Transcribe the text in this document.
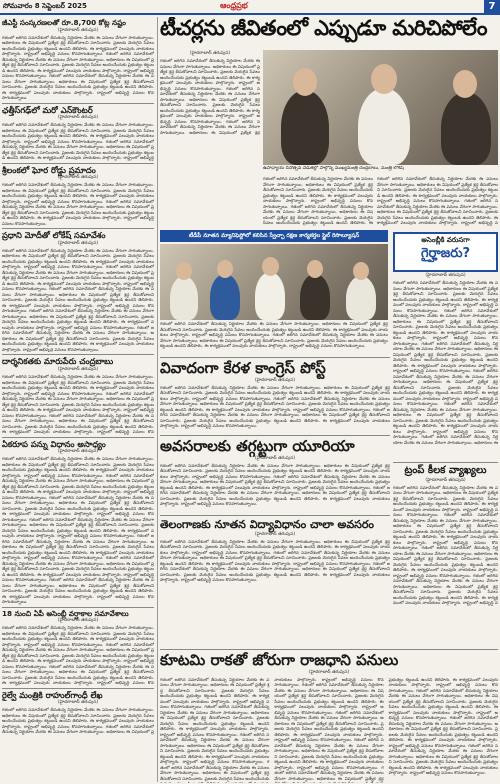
సోమవారం 8 సెప్టెంబర్ 2025	ఆంధ్రప్రభ	7
జీఎస్టీ సంస్కరణలతో రూ.8,700 కోట్ల నష్టం
(హైదరాబాద్ తరుపున)
గతంలో జరిగిన సమావేశంలో తీసుకున్న నిర్ణయాల మేరకు ఈ పనులు వేగంగా సాగుతున్నాయి. అధికారులు ఈ విషయంలో ప్రత్యేక శ్రద్ధ తీసుకోవాలని సూచించారు. ప్రజలకు మెరుగైన సేవలు అందించేందుకు ప్రభుత్వం కట్టుబడి ఉందని తెలిపారు. ఈ కార్యక్రమంలో పలువురు నాయకులు పాల్గొన్నారు. రాష్ట్రంలో అభివృద్ధి పనులు కొనసాగుతున్నాయి. గతంలో జరిగిన సమావేశంలో తీసుకున్న నిర్ణయాల మేరకు ఈ పనులు వేగంగా సాగుతున్నాయి. అధికారులు ఈ విషయంలో ప్రత్యేక శ్రద్ధ తీసుకోవాలని సూచించారు. ప్రజలకు మెరుగైన సేవలు అందించేందుకు ప్రభుత్వం కట్టుబడి ఉందని తెలిపారు. ఈ కార్యక్రమంలో పలువురు నాయకులు పాల్గొన్నారు. రాష్ట్రంలో అభివృద్ధి పనులు కొనసాగుతున్నాయి. గతంలో జరిగిన సమావేశంలో తీసుకున్న నిర్ణయాల మేరకు ఈ పనులు వేగంగా సాగుతున్నాయి. అధికారులు ఈ విషయంలో ప్రత్యేక శ్రద్ధ తీసుకోవాలని సూచించారు. ప్రజలకు మెరుగైన సేవలు అందించేందుకు ప్రభుత్వం కట్టుబడి ఉందని తెలిపారు. ఈ కార్యక్రమంలో పలువురు నాయకులు పాల్గొన్నారు. రాష్ట్రంలో అభివృద్ధి పనులు కొనసాగుతున్నాయి.
ఛత్తీస్‌గఢ్‌లో మరో ఎన్‌కౌంటర్
(హైదరాబాద్ తరుపున)
గతంలో జరిగిన సమావేశంలో తీసుకున్న నిర్ణయాల మేరకు ఈ పనులు వేగంగా సాగుతున్నాయి. అధికారులు ఈ విషయంలో ప్రత్యేక శ్రద్ధ తీసుకోవాలని సూచించారు. ప్రజలకు మెరుగైన సేవలు అందించేందుకు ప్రభుత్వం కట్టుబడి ఉందని తెలిపారు. ఈ కార్యక్రమంలో పలువురు నాయకులు పాల్గొన్నారు. రాష్ట్రంలో అభివృద్ధి పనులు కొనసాగుతున్నాయి. గతంలో జరిగిన సమావేశంలో తీసుకున్న నిర్ణయాల మేరకు ఈ పనులు వేగంగా సాగుతున్నాయి. అధికారులు ఈ విషయంలో ప్రత్యేక శ్రద్ధ తీసుకోవాలని సూచించారు. ప్రజలకు మెరుగైన సేవలు అందించేందుకు ప్రభుత్వం కట్టుబడి ఉందని తెలిపారు. ఈ కార్యక్రమంలో పలువురు నాయకులు పాల్గొన్నారు. రాష్ట్రంలో అభివృద్ధి
శ్రీలంకలో ఘోర రోడ్డు ప్రమాదం
(హైదరాబాద్ తరుపున)
గతంలో జరిగిన సమావేశంలో తీసుకున్న నిర్ణయాల మేరకు ఈ పనులు వేగంగా సాగుతున్నాయి. అధికారులు ఈ విషయంలో ప్రత్యేక శ్రద్ధ తీసుకోవాలని సూచించారు. ప్రజలకు మెరుగైన సేవలు అందించేందుకు ప్రభుత్వం కట్టుబడి ఉందని తెలిపారు. ఈ కార్యక్రమంలో పలువురు నాయకులు పాల్గొన్నారు. రాష్ట్రంలో అభివృద్ధి పనులు కొనసాగుతున్నాయి. గతంలో జరిగిన సమావేశంలో తీసుకున్న నిర్ణయాల మేరకు ఈ పనులు వేగంగా సాగుతున్నాయి. అధికారులు ఈ విషయంలో ప్రత్యేక శ్రద్ధ తీసుకోవాలని సూచించారు. ప్రజలకు మెరుగైన సేవలు అందించేందుకు ప్రభుత్వం కట్టుబడి ఉందని తెలిపారు. ఈ కార్యక్రమంలో పలువురు నాయకులు పాల్గొన్నారు. రాష్ట్రంలో అభివృద్ధి పనులు కొనసాగుతున్నాయి.
ప్రధాని మోదీతో లోకేష్ సమావేశం
(హైదరాబాద్ తరుపున)
గతంలో జరిగిన సమావేశంలో తీసుకున్న నిర్ణయాల మేరకు ఈ పనులు వేగంగా సాగుతున్నాయి. అధికారులు ఈ విషయంలో ప్రత్యేక శ్రద్ధ తీసుకోవాలని సూచించారు. ప్రజలకు మెరుగైన సేవలు అందించేందుకు ప్రభుత్వం కట్టుబడి ఉందని తెలిపారు. ఈ కార్యక్రమంలో పలువురు నాయకులు పాల్గొన్నారు. రాష్ట్రంలో అభివృద్ధి పనులు కొనసాగుతున్నాయి. గతంలో జరిగిన సమావేశంలో తీసుకున్న నిర్ణయాల మేరకు ఈ పనులు వేగంగా సాగుతున్నాయి. అధికారులు ఈ విషయంలో ప్రత్యేక శ్రద్ధ తీసుకోవాలని సూచించారు. ప్రజలకు మెరుగైన సేవలు అందించేందుకు ప్రభుత్వం కట్టుబడి ఉందని తెలిపారు. ఈ కార్యక్రమంలో పలువురు నాయకులు పాల్గొన్నారు. రాష్ట్రంలో అభివృద్ధి పనులు కొనసాగుతున్నాయి. గతంలో జరిగిన సమావేశంలో తీసుకున్న నిర్ణయాల మేరకు ఈ పనులు వేగంగా సాగుతున్నాయి. అధికారులు ఈ విషయంలో ప్రత్యేక శ్రద్ధ తీసుకోవాలని సూచించారు. ప్రజలకు మెరుగైన సేవలు అందించేందుకు ప్రభుత్వం కట్టుబడి ఉందని తెలిపారు. ఈ కార్యక్రమంలో పలువురు నాయకులు పాల్గొన్నారు. రాష్ట్రంలో అభివృద్ధి పనులు కొనసాగుతున్నాయి. గతంలో జరిగిన సమావేశంలో తీసుకున్న నిర్ణయాల మేరకు ఈ పనులు వేగంగా సాగుతున్నాయి. అధికారులు ఈ విషయంలో ప్రత్యేక శ్రద్ధ తీసుకోవాలని సూచించారు. ప్రజలకు మెరుగైన సేవలు అందించేందుకు ప్రభుత్వం కట్టుబడి ఉందని తెలిపారు. ఈ కార్యక్రమంలో పలువురు నాయకులు పాల్గొన్నారు. రాష్ట్రంలో అభివృద్ధి పనులు కొనసాగుతున్నాయి. గతంలో జరిగిన సమావేశంలో తీసుకున్న నిర్ణయాల మేరకు ఈ పనులు వేగంగా సాగుతున్నాయి. అధికారులు ఈ విషయంలో ప్రత్యేక శ్రద్ధ తీసుకోవాలని సూచించారు. ప్రజలకు మెరుగైన సేవలు అందించేందుకు ప్రభుత్వం కట్టుబడి ఉందని తెలిపారు. ఈ కార్యక్రమంలో పలువురు నాయకులు పాల్గొన్నారు. రాష్ట్రంలో అభివృద్ధి పనులు కొనసాగుతున్నాయి.
దార్శనికతకు మారుపేరు చంద్రబాబు
(హైదరాబాద్ తరుపున)
గతంలో జరిగిన సమావేశంలో తీసుకున్న నిర్ణయాల మేరకు ఈ పనులు వేగంగా సాగుతున్నాయి. అధికారులు ఈ విషయంలో ప్రత్యేక శ్రద్ధ తీసుకోవాలని సూచించారు. ప్రజలకు మెరుగైన సేవలు అందించేందుకు ప్రభుత్వం కట్టుబడి ఉందని తెలిపారు. ఈ కార్యక్రమంలో పలువురు నాయకులు పాల్గొన్నారు. రాష్ట్రంలో అభివృద్ధి పనులు కొనసాగుతున్నాయి. గతంలో జరిగిన సమావేశంలో తీసుకున్న నిర్ణయాల మేరకు ఈ పనులు వేగంగా సాగుతున్నాయి. అధికారులు ఈ విషయంలో ప్రత్యేక శ్రద్ధ తీసుకోవాలని సూచించారు. ప్రజలకు మెరుగైన సేవలు అందించేందుకు ప్రభుత్వం కట్టుబడి ఉందని తెలిపారు. ఈ కార్యక్రమంలో పలువురు నాయకులు పాల్గొన్నారు. రాష్ట్రంలో అభివృద్ధి పనులు కొనసాగుతున్నాయి. గతంలో జరిగిన సమావేశంలో తీసుకున్న నిర్ణయాల మేరకు ఈ పనులు వేగంగా సాగుతున్నాయి. అధికారులు ఈ విషయంలో ప్రత్యేక శ్రద్ధ తీసుకోవాలని సూచించారు. ప్రజలకు మెరుగైన సేవలు అందించేందుకు ప్రభుత్వం కట్టుబడి ఉందని తెలిపారు. ఈ కార్యక్రమంలో పలువురు నాయకులు పాల్గొన్నారు. రాష్ట్రంలో అభివృద్ధి పనులు కొన
ఏకరూప పన్ను విధానం అసాధ్యం
(హైదరాబాద్ తరుపున)
గతంలో జరిగిన సమావేశంలో తీసుకున్న నిర్ణయాల మేరకు ఈ పనులు వేగంగా సాగుతున్నాయి. అధికారులు ఈ విషయంలో ప్రత్యేక శ్రద్ధ తీసుకోవాలని సూచించారు. ప్రజలకు మెరుగైన సేవలు అందించేందుకు ప్రభుత్వం కట్టుబడి ఉందని తెలిపారు. ఈ కార్యక్రమంలో పలువురు నాయకులు పాల్గొన్నారు. రాష్ట్రంలో అభివృద్ధి పనులు కొనసాగుతున్నాయి. గతంలో జరిగిన సమావేశంలో తీసుకున్న నిర్ణయాల మేరకు ఈ పనులు వేగంగా సాగుతున్నాయి. అధికారులు ఈ విషయంలో ప్రత్యేక శ్రద్ధ తీసుకోవాలని సూచించారు. ప్రజలకు మెరుగైన సేవలు అందించేందుకు ప్రభుత్వం కట్టుబడి ఉందని తెలిపారు. ఈ కార్యక్రమంలో పలువురు నాయకులు పాల్గొన్నారు. రాష్ట్రంలో అభివృద్ధి పనులు కొనసాగుతున్నాయి. గతంలో జరిగిన సమావేశంలో తీసుకున్న నిర్ణయాల మేరకు ఈ పనులు వేగంగా సాగుతున్నాయి. అధికారులు ఈ విషయంలో ప్రత్యేక శ్రద్ధ తీసుకోవాలని సూచించారు. ప్రజలకు మెరుగైన సేవలు అందించేందుకు ప్రభుత్వం కట్టుబడి ఉందని తెలిపారు. ఈ కార్యక్రమంలో పలువురు నాయకులు పాల్గొన్నారు. రాష్ట్రంలో అభివృద్ధి పనులు కొనసాగుతున్నాయి. గతంలో జరిగిన సమావేశంలో తీసుకున్న నిర్ణయాల మేరకు ఈ పనులు వేగంగా సాగుతున్నాయి. అధికారులు ఈ విషయంలో ప్రత్యేక శ్రద్ధ తీసుకోవాలని సూచించారు. ప్రజలకు మెరుగైన సేవలు అందించేందుకు ప్రభుత్వం కట్టుబడి ఉందని తెలిపారు. ఈ కార్యక్రమంలో పలువురు నాయకులు పాల్గొన్నారు. రాష్ట్రంలో అభివృద్ధి పనులు కొనసాగుతున్నాయి. గతంలో జరిగిన సమావేశంలో తీసుకున్న నిర్ణయాల మేరకు ఈ పనులు వేగంగా సాగుతున్నాయి. అధికారులు ఈ విషయంలో ప్రత్యేక శ్రద్ధ తీసుకోవాలని సూచించారు. ప్రజలకు మెరుగైన సేవలు అందించేందుకు ప్రభుత్వం కట్టుబడి ఉందని తెలిపారు. ఈ కార్యక్రమంలో పలువురు నాయకులు పాల్గొన్నారు. రాష్ట్రంలో అభివృద్ధి పనులు కొనసాగుతున్నాయి. గతంలో జరిగిన సమావేశంలో తీసుకున్న నిర్ణయాల మేరకు ఈ పనులు వేగంగా సాగుతున్నాయి. అధికారులు ఈ విషయంలో ప్రత్యేక శ్రద్ధ తీసుకోవాలని సూచించారు. ప్రజలకు మెరుగైన సేవలు అందించేందుకు ప్రభుత్వం కట్టుబడి ఉందని తెలిపారు. ఈ కార్యక్రమంలో పలువురు నాయకులు పాల్గొన్నారు. రాష్ట్రంలో అభివృద్ధి పనులు కొనసాగుతున్నాయి. గతంలో జరిగిన సమావేశంలో తీసుకున్న నిర్ణయాల మేరకు ఈ పనులు వేగంగా సాగుతున్నాయి. అధికారులు ఈ విషయంలో ప్రత్యేక శ్రద్ధ తీసుకోవాలని సూచించారు. ప్రజలకు మెరుగైన సేవలు అందించేందుకు ప్రభుత్వం కట్టుబడి ఉందని తెలిపారు. ఈ కార్యక్రమంలో పలువురు నాయకులు పాల్గొన్నారు. రాష్ట్రంలో అభివృద్ధి పనులు కొనసాగుతున్నాయి.
18 నుంచి ఏపీ అసెంబ్లీ వర్షాకాల సమావేశాలు
(హైదరాబాద్ తరుపున)
గతంలో జరిగిన సమావేశంలో తీసుకున్న నిర్ణయాల మేరకు ఈ పనులు వేగంగా సాగుతున్నాయి. అధికారులు ఈ విషయంలో ప్రత్యేక శ్రద్ధ తీసుకోవాలని సూచించారు. ప్రజలకు మెరుగైన సేవలు అందించేందుకు ప్రభుత్వం కట్టుబడి ఉందని తెలిపారు. ఈ కార్యక్రమంలో పలువురు నాయకులు పాల్గొన్నారు. రాష్ట్రంలో అభివృద్ధి పనులు కొనసాగుతున్నాయి. గతంలో జరిగిన సమావేశంలో తీసుకున్న నిర్ణయాల మేరకు ఈ పనులు వేగంగా సాగుతున్నాయి. అధికారులు ఈ విషయంలో ప్రత్యేక శ్రద్ధ తీసుకోవాలని సూచించారు. ప్రజలకు మెరుగైన సేవలు అందించేందుకు ప్రభుత్వం కట్టుబడి ఉందని తెలిపారు. ఈ కార్యక్రమంలో పలువురు నాయకులు పాల్గొన్నారు. రాష్ట్రంలో అభివృద్ధి పనులు కొనసాగుతున్నాయి. గతంలో జరిగిన సమావేశంలో తీసుకున్న నిర్ణయాల మేరకు ఈ పనులు వేగంగా సాగుతున్నాయి. అధికారులు ఈ విషయంలో ప్రత్యేక శ్రద్ధ తీసుకోవాలని సూచించారు. ప్రజలకు మెరుగైన సేవలు అందించేందుకు ప్రభుత్వం కట్టుబడి ఉందని తెలిపారు. ఈ కార్యక్రమంలో పలువురు నాయకులు పాల్గొన్నారు. రాష్ట్రంలో అభివృద్ధి పనులు కొన
రైల్వే మంత్రికి రాహుల్‌గాంధీ లేఖ
(హైదరాబాద్ తరుపున)
గతంలో జరిగిన సమావేశంలో తీసుకున్న నిర్ణయాల మేరకు ఈ పనులు వేగంగా సాగుతున్నాయి. అధికారులు ఈ విషయంలో ప్రత్యేక శ్రద్ధ తీసుకోవాలని సూచించారు. ప్రజలకు మెరుగైన సేవలు అందించేందుకు ప్రభుత్వం కట్టుబడి ఉందని తెలిపారు. ఈ కార్యక్రమంలో పలువురు నాయకులు పాల్గొన్నారు. రాష్ట్రంలో అభివృద్ధి పనులు కొనసాగుతున్నాయి. గతంలో జరిగిన సమావేశంలో తీసుకున్న నిర్ణయాల మేరకు ఈ పనులు వేగంగా సాగుతున్నాయి. అధికారులు ఈ విషయంలో ప్ర
టీచర్లను జీవితంలో ఎప్పుడూ మరిచిపోలేం
(హైదరాబాద్ తరుపున)
గతంలో జరిగిన సమావేశంలో తీసుకున్న నిర్ణయాల మేరకు ఈ పనులు వేగంగా సాగుతున్నాయి. అధికారులు ఈ విషయంలో ప్రత్యేక శ్రద్ధ తీసుకోవాలని సూచించారు. ప్రజలకు మెరుగైన సేవలు అందించేందుకు ప్రభుత్వం కట్టుబడి ఉందని తెలిపారు. ఈ కార్యక్రమంలో పలువురు నాయకులు పాల్గొన్నారు. రాష్ట్రంలో అభివృద్ధి పనులు కొనసాగుతున్నాయి. గతంలో జరిగిన సమావేశంలో తీసుకున్న నిర్ణయాల మేరకు ఈ పనులు వేగంగా సాగుతున్నాయి. అధికారులు ఈ విషయంలో ప్రత్యేక శ్రద్ధ తీసుకోవాలని సూచించారు. ప్రజలకు మెరుగైన సేవలు అందించేందుకు ప్రభుత్వం కట్టుబడి ఉందని తెలిపారు. ఈ కార్యక్రమంలో పలువురు నాయకులు పాల్గొన్నారు. రాష్ట్రంలో అభివృద్ధి పనులు కొనసాగుతున్నాయి. గతంలో జరిగిన సమావేశంలో తీసుకున్న నిర్ణయాల మేరకు ఈ పనులు వేగంగా సాగుతున్నాయి. అధికారులు ఈ విషయంలో ప్రత్యేక శ్రద్ధ
ఉపాధ్యాయ దినోత్సవ వేడుకల్లో పాల్గొన్న ముఖ్యమంత్రి చంద్రబాబు, మంత్రి లోకేష్
గతంలో జరిగిన సమావేశంలో తీసుకున్న నిర్ణయాల మేరకు ఈ పనులు వేగంగా సాగుతున్నాయి. అధికారులు ఈ విషయంలో ప్రత్యేక శ్రద్ధ తీసుకోవాలని సూచించారు. ప్రజలకు మెరుగైన సేవలు అందించేందుకు ప్రభుత్వం కట్టుబడి ఉందని తెలిపారు. ఈ కార్యక్రమంలో పలువురు నాయకులు పాల్గొన్నారు. రాష్ట్రంలో అభివృద్ధి పనులు కొనసాగుతున్నాయి. గతంలో జరిగిన సమావేశంలో తీసుకున్న నిర్ణయాల మేరకు ఈ పనులు వేగంగా సాగుతున్నాయి. అధికారులు ఈ విషయంలో ప్రత్యేక శ్రద్ధ తీసుకోవాలని సూచించారు. ప్రజలకు మెరుగైన సేవలు అందించేందుకు ప్రభుత్వం కట్టుబడి ఉందని తెలిపారు. ఈ
గతంలో జరిగిన సమావేశంలో తీసుకున్న నిర్ణయాల మేరకు ఈ పనులు వేగంగా సాగుతున్నాయి. అధికారులు ఈ విషయంలో ప్రత్యేక శ్రద్ధ తీసుకోవాలని సూచించారు. ప్రజలకు మెరుగైన సేవలు అందించేందుకు ప్రభుత్వం కట్టుబడి ఉందని తెలిపారు. ఈ కార్యక్రమంలో పలువురు నాయకులు పాల్గొన్నారు. రాష్ట్రంలో అభివృద్ధి పనులు కొనసాగుతున్నాయి. గతంలో జరిగిన సమావేశంలో తీసుకున్న నిర్ణయాల మేరకు ఈ పనులు వేగంగా సాగుతున్నాయి. అధికారులు ఈ విషయంలో ప్రత్యేక శ్రద్ధ తీసుకోవాలని సూచించారు. ప్రజలకు మెరుగైన సేవలు అందించేందుకు ప్రభుత్వం కట్టుబడి ఉందని తెలిపారు. ఈ కార్యక్రమంలో పలువురు నాయకులు పాల్గొన్నారు. రాష్ట్రంలో అభివృద్ధి ప
టీడీపీ నూతన మ్యానిఫెస్టోలో కలిసిన స్వేచ్ఛా రక్షణ కార్యకర్తల స్టైల్ రెసొల్యూషన్
గతంలో జరిగిన సమావేశంలో తీసుకున్న నిర్ణయాల మేరకు ఈ పనులు వేగంగా సాగుతున్నాయి. అధికారులు ఈ విషయంలో ప్రత్యేక శ్రద్ధ తీసుకోవాలని సూచించారు. ప్రజలకు మెరుగైన సేవలు అందించేందుకు ప్రభుత్వం కట్టుబడి ఉందని తెలిపారు. ఈ కార్యక్రమంలో పలువురు నాయకులు పాల్గొన్నారు. రాష్ట్రంలో అభివృద్ధి పనులు కొనసాగుతున్నాయి. గతంలో జరిగిన సమావేశంలో తీసుకున్న నిర్ణయాల మేరకు ఈ పనులు వేగంగా సాగుతున్నాయి. అధికారులు ఈ విషయంలో ప్రత్యేక శ్రద్ధ తీసుకోవాలని సూచించారు. ప్రజలకు మెరుగైన సేవలు అందించేందుకు ప్రభుత్వం కట్టుబడి ఉందని తెలిపారు. ఈ కార్యక్రమంలో పలువురు నాయకులు పాల్గొన్నారు. రాష్ట్రంలో అభివృద్ధి పనులు కొనసాగుతున్నాయి.
అసెంబ్లీకి వరుసగా
గైర్హాజరు?
(హైదరాబాద్ తరుపున)
గతంలో జరిగిన సమావేశంలో తీసుకున్న నిర్ణయాల మేరకు ఈ పనులు వేగంగా సాగుతున్నాయి. అధికారులు ఈ విషయంలో ప్రత్యేక శ్రద్ధ తీసుకోవాలని సూచించారు. ప్రజలకు మెరుగైన సేవలు అందించేందుకు ప్రభుత్వం కట్టుబడి ఉందని తెలిపారు. ఈ కార్యక్రమంలో పలువురు నాయకులు పాల్గొన్నారు. రాష్ట్రంలో అభివృద్ధి పనులు కొనసాగుతున్నాయి. గతంలో జరిగిన సమావేశంలో తీసుకున్న నిర్ణయాల మేరకు ఈ పనులు వేగంగా సాగుతున్నాయి. అధికారులు ఈ విషయంలో ప్రత్యేక శ్రద్ధ తీసుకోవాలని సూచించారు. ప్రజలకు మెరుగైన సేవలు అందించేందుకు ప్రభుత్వం కట్టుబడి ఉందని తెలిపారు. ఈ కార్యక్రమంలో పలువురు నాయకులు పాల్గొన్నారు. రాష్ట్రంలో అభివృద్ధి పనులు కొనసాగుతున్నాయి. గతంలో జరిగిన సమావేశంలో తీసుకున్న నిర్ణయాల మేరకు ఈ పనులు వేగంగా సాగుతున్నాయి. అధికారులు ఈ విషయంలో ప్రత్యేక శ్రద్ధ తీసుకోవాలని సూచించారు. ప్రజలకు మెరుగైన సేవలు అందించేందుకు ప్రభుత్వం కట్టుబడి ఉందని తెలిపారు. ఈ కార్యక్రమంలో పలువురు నాయకులు పాల్గొన్నారు. రాష్ట్రంలో అభివృద్ధి పనులు కొనసాగుతున్నాయి. గతంలో జరిగిన సమావేశంలో తీసుకున్న నిర్ణయాల మేరకు ఈ పనులు వేగంగా సాగుతున్నాయి. అధికారులు ఈ విషయంలో ప్రత్యేక శ్రద్ధ తీసుకోవాలని సూచించారు. ప్రజలకు మెరుగైన సేవలు అందించేందుకు ప్రభుత్వం కట్టుబడి ఉందని తెలిపారు. ఈ కార్యక్రమంలో పలువురు నాయకులు పాల్గొన్నారు. రాష్ట్రంలో అభివృద్ధి పనులు కొనసాగుతున్నాయి. గతంలో జరిగిన సమావేశంలో తీసుకున్న నిర్ణయాల మేరకు ఈ పనులు వేగంగా సాగుతున్నాయి. అధికారులు ఈ విషయంలో ప్రత్యేక శ్రద్ధ తీసుకోవాలని సూచించారు. ప్రజలకు మెరుగైన సేవలు అందించేందుకు ప్రభుత్వం కట్టుబడి ఉందని తెలిపారు. ఈ కార్యక్రమంలో పలువురు నాయకులు పాల్గొన్నారు. రాష్ట్రంలో అభివృద్ధి పనులు కొనసాగుతున్నాయి. గతంలో జరిగిన సమావేశంలో తీసుకున్న నిర్ణయాల మేరకు ఈ పనులు వేగంగా సాగుతున్నాయి. అధికారులు ఈ
వివాదంగా కేరళ కాంగ్రెస్ పోస్ట్
(హైదరాబాద్ తరుపున)
గతంలో జరిగిన సమావేశంలో తీసుకున్న నిర్ణయాల మేరకు ఈ పనులు వేగంగా సాగుతున్నాయి. అధికారులు ఈ విషయంలో ప్రత్యేక శ్రద్ధ తీసుకోవాలని సూచించారు. ప్రజలకు మెరుగైన సేవలు అందించేందుకు ప్రభుత్వం కట్టుబడి ఉందని తెలిపారు. ఈ కార్యక్రమంలో పలువురు నాయకులు పాల్గొన్నారు. రాష్ట్రంలో అభివృద్ధి పనులు కొనసాగుతున్నాయి. గతంలో జరిగిన సమావేశంలో తీసుకున్న నిర్ణయాల మేరకు ఈ పనులు వేగంగా సాగుతున్నాయి. అధికారులు ఈ విషయంలో ప్రత్యేక శ్రద్ధ తీసుకోవాలని సూచించారు. ప్రజలకు మెరుగైన సేవలు అందించేందుకు ప్రభుత్వం కట్టుబడి ఉందని తెలిపారు. ఈ కార్యక్రమంలో పలువురు నాయకులు పాల్గొన్నారు. రాష్ట్రంలో అభివృద్ధి పనులు కొనసాగుతున్నాయి. గతంలో జరిగిన సమావేశంలో తీసుకున్న నిర్ణయాల మేరకు ఈ పనులు వేగంగా సాగుతున్నాయి. అధికారులు ఈ విషయంలో ప్రత్యేక శ్రద్ధ తీసుకోవాలని సూచించారు. ప్రజలకు మెరుగైన సేవలు అందించేందుకు ప్రభుత్వం కట్టుబడి ఉందని తెలిపారు. ఈ కార్యక్రమంలో పలువురు నాయకులు పాల్గొన్నారు. రాష్ట్రంలో అభివృద్ధి పనులు కొనసాగుతున్నాయి.
అవసరాలకు తగ్గట్టుగా యూరియా
(హైదరాబాద్ తరుపున)
గతంలో జరిగిన సమావేశంలో తీసుకున్న నిర్ణయాల మేరకు ఈ పనులు వేగంగా సాగుతున్నాయి. అధికారులు ఈ విషయంలో ప్రత్యేక శ్రద్ధ తీసుకోవాలని సూచించారు. ప్రజలకు మెరుగైన సేవలు అందించేందుకు ప్రభుత్వం కట్టుబడి ఉందని తెలిపారు. ఈ కార్యక్రమంలో పలువురు నాయకులు పాల్గొన్నారు. రాష్ట్రంలో అభివృద్ధి పనులు కొనసాగుతున్నాయి. గతంలో జరిగిన సమావేశంలో తీసుకున్న నిర్ణయాల మేరకు ఈ పనులు వేగంగా సాగుతున్నాయి. అధికారులు ఈ విషయంలో ప్రత్యేక శ్రద్ధ తీసుకోవాలని సూచించారు. ప్రజలకు మెరుగైన సేవలు అందించేందుకు ప్రభుత్వం కట్టుబడి ఉందని తెలిపారు. ఈ కార్యక్రమంలో పలువురు నాయకులు పాల్గొన్నారు. రాష్ట్రంలో అభివృద్ధి పనులు కొనసాగుతున్నాయి. గతంలో జరిగిన సమావేశంలో తీసుకున్న నిర్ణయాల మేరకు ఈ పనులు వేగంగా సాగుతున్నాయి. అధికారులు ఈ విషయంలో ప్రత్యేక శ్రద్ధ తీసుకోవాలని సూచించారు. ప్రజలకు మెరుగైన సేవలు అందించేందుకు ప్రభుత్వం కట్టుబడి ఉందని తెలిపారు. ఈ కార్యక్రమంలో పలువురు నాయకులు పాల్గొన్నారు. రాష్ట్రంలో అభివృద్ధి పనులు కొనసాగుతున్నాయి.
ట్రంప్ కీలక వ్యాఖ్యలు
(హైదరాబాద్ తరుపున)
గతంలో జరిగిన సమావేశంలో తీసుకున్న నిర్ణయాల మేరకు ఈ పనులు వేగంగా సాగుతున్నాయి. అధికారులు ఈ విషయంలో ప్రత్యేక శ్రద్ధ తీసుకోవాలని సూచించారు. ప్రజలకు మెరుగైన సేవలు అందించేందుకు ప్రభుత్వం కట్టుబడి ఉందని తెలిపారు. ఈ కార్యక్రమంలో పలువురు నాయకులు పాల్గొన్నారు. రాష్ట్రంలో అభివృద్ధి పనులు కొనసాగుతున్నాయి. గతంలో జరిగిన సమావేశంలో తీసుకున్న నిర్ణయాల మేరకు ఈ పనులు వేగంగా సాగుతున్నాయి. అధికారులు ఈ విషయంలో ప్రత్యేక శ్రద్ధ తీసుకోవాలని సూచించారు. ప్రజలకు మెరుగైన సేవలు అందించేందుకు ప్రభుత్వం కట్టుబడి ఉందని తెలిపారు. ఈ కార్యక్రమంలో పలువురు నాయకులు పాల్గొన్నారు. రాష్ట్రంలో అభివృద్ధి పనులు కొనసాగుతున్నాయి. గతంలో జరిగిన సమావేశంలో తీసుకున్న నిర్ణయాల మేరకు ఈ పనులు వేగంగా సాగుతున్నాయి. అధికారులు ఈ విషయంలో ప్రత్యేక శ్రద్ధ తీసుకోవాలని సూచించారు. ప్రజలకు మెరుగైన సేవలు అందించేందుకు ప్రభుత్వం కట్టుబడి ఉందని తెలిపారు. ఈ కార్యక్రమంలో పలువురు నాయకులు పాల్గొన్నారు. రాష్ట్రంలో అభివృద్ధి పనులు కొనసాగుతున్నాయి. గతంలో జరిగిన సమావేశంలో తీసుకున్న నిర్ణయాల మేరకు ఈ పనులు వేగంగా సాగుతున్నాయి. అధికారులు ఈ విషయంలో ప్రత్యేక శ్రద్ధ తీసుకోవాలని సూచించారు. ప్రజలకు మెరుగైన సేవలు అందించేందుకు ప్రభుత్వం కట్టుబడి ఉందని తెలిపారు. ఈ కార్యక్రమంలో పలువురు నాయకులు పాల్గొన్నారు. రాష్ట్రంలో అభివృద్ధి ప
తెలంగాణకు నూతన విద్యావిధానం చాలా అవసరం
(హైదరాబాద్ తరుపున)
గతంలో జరిగిన సమావేశంలో తీసుకున్న నిర్ణయాల మేరకు ఈ పనులు వేగంగా సాగుతున్నాయి. అధికారులు ఈ విషయంలో ప్రత్యేక శ్రద్ధ తీసుకోవాలని సూచించారు. ప్రజలకు మెరుగైన సేవలు అందించేందుకు ప్రభుత్వం కట్టుబడి ఉందని తెలిపారు. ఈ కార్యక్రమంలో పలువురు నాయకులు పాల్గొన్నారు. రాష్ట్రంలో అభివృద్ధి పనులు కొనసాగుతున్నాయి. గతంలో జరిగిన సమావేశంలో తీసుకున్న నిర్ణయాల మేరకు ఈ పనులు వేగంగా సాగుతున్నాయి. అధికారులు ఈ విషయంలో ప్రత్యేక శ్రద్ధ తీసుకోవాలని సూచించారు. ప్రజలకు మెరుగైన సేవలు అందించేందుకు ప్రభుత్వం కట్టుబడి ఉందని తెలిపారు. ఈ కార్యక్రమంలో పలువురు నాయకులు పాల్గొన్నారు. రాష్ట్రంలో అభివృద్ధి పనులు కొనసాగుతున్నాయి. గతంలో జరిగిన సమావేశంలో తీసుకున్న నిర్ణయాల మేరకు ఈ పనులు వేగంగా సాగుతున్నాయి. అధికారులు ఈ విషయంలో ప్రత్యేక శ్రద్ధ తీసుకోవాలని సూచించారు. ప్రజలకు మెరుగైన సేవలు అందించేందుకు ప్రభుత్వం కట్టుబడి ఉందని తెలిపారు. ఈ కార్యక్రమంలో పలువురు నాయకులు పాల్గొన్నారు. రాష్ట్రంలో అభివృద్ధి పనులు కొనసాగుతున్నాయి.
కూటమి రాకతో జోరుగా రాజధాని పనులు
(హైదరాబాద్ తరుపున)
గతంలో జరిగిన సమావేశంలో తీసుకున్న నిర్ణయాల మేరకు ఈ పనులు వేగంగా సాగుతున్నాయి. అధికారులు ఈ విషయంలో ప్రత్యేక శ్రద్ధ తీసుకోవాలని సూచించారు. ప్రజలకు మెరుగైన సేవలు అందించేందుకు ప్రభుత్వం కట్టుబడి ఉందని తెలిపారు. ఈ కార్యక్రమంలో పలువురు నాయకులు పాల్గొన్నారు. రాష్ట్రంలో అభివృద్ధి పనులు కొనసాగుతున్నాయి. గతంలో జరిగిన సమావేశంలో తీసుకున్న నిర్ణయాల మేరకు ఈ పనులు వేగంగా సాగుతున్నాయి. అధికారులు ఈ విషయంలో ప్రత్యేక శ్రద్ధ తీసుకోవాలని సూచించారు. ప్రజలకు మెరుగైన సేవలు అందించేందుకు ప్రభుత్వం కట్టుబడి ఉందని తెలిపారు. ఈ కార్యక్రమంలో పలువురు నాయకులు పాల్గొన్నారు. రాష్ట్రంలో అభివృద్ధి పనులు కొనసాగుతున్నాయి. గతంలో జరిగిన సమావేశంలో తీసుకున్న నిర్ణయాల మేరకు ఈ పనులు వేగంగా సాగుతున్నాయి. అధికారులు ఈ విషయంలో ప్రత్యేక శ్రద్ధ తీసుకోవాలని సూచించారు. ప్రజలకు మెరుగైన సేవలు అందించేందుకు ప్రభుత్వం కట్టుబడి ఉందని తెలిపారు. ఈ కార్యక్రమంలో పలువురు నాయకులు పాల్గొన్నారు. రాష్ట్రంలో అభివృద్ధి పనులు కొనసాగుతున్నాయి. గతంలో జరిగిన సమావేశంలో తీసుకున్న నిర్ణయాల మేరకు ఈ పనులు వేగంగా సాగుతున్నాయి. అధికారులు ఈ విషయంలో ప్రత్యేక శ్రద్ధ తీసుకోవాలని సూచించారు. ప్రజలకు మెరుగైన సేవలు అందించేందుకు నాయకులు పాల్గొన్నారు. రాష్ట్రంలో అభివృద్ధి పనులు కొనసాగుతున్నాయి. గతంలో జరిగిన సమావేశంలో తీసుకున్న నిర్ణయాల మేరకు ఈ పనులు వేగంగా సాగుతున్నాయి. అధికారులు ఈ విషయంలో ప్రత్యేక శ్రద్ధ తీసుకోవాలని సూచించారు. ప్రజలకు మెరుగైన సేవలు అందించేందుకు ప్రభుత్వం కట్టుబడి ఉందని తెలిపారు. ఈ కార్యక్రమంలో పలువురు నాయకులు పాల్గొన్నారు. రాష్ట్రంలో అభివృద్ధి పనులు కొనసాగుతున్నాయి. గతంలో జరిగిన సమావేశంలో తీసుకున్న నిర్ణయాల మేరకు ఈ పనులు వేగంగా సాగుతున్నాయి. అధికారులు ఈ విషయంలో ప్రత్యేక శ్రద్ధ తీసుకోవాలని సూచించారు. ప్రజలకు మెరుగైన సేవలు అందించేందుకు ప్రభుత్వం కట్టుబడి ఉందని తెలిపారు. ఈ కార్యక్రమంలో పలువురు నాయకులు పాల్గొన్నారు. రాష్ట్రంలో అభివృద్ధి పనులు కొనసాగుతున్నాయి. గతంలో జరిగిన సమావేశంలో తీసుకున్న నిర్ణయాల మేరకు ఈ పనులు వేగంగా సాగుతున్నాయి. అధికారులు ఈ విషయంలో ప్రత్యేక శ్రద్ధ తీసుకోవాలని సూచించారు. ప్రజలకు మెరుగైన సేవలు అందించేందుకు ప్రభుత్వం కట్టుబడి ఉందని తెలిపారు. ఈ కార్యక్రమంలో పలువురు నాయకులు పాల్గొన్నారు. రాష్ట్రంలో అభివృద్ధి పనులు కొనసాగుతున్నాయి. గతంలో జరిగిన సమావేశంలో తీసుకున్న నిర్ణయాల మేరకు ఈ పనులు వేగంగా సాగుతున్నాయి. అధికారులు ఈ విషయంలో ప్రత్యేక శ్రద్ధ ప్రభుత్వం కట్టుబడి ఉందని తెలిపారు. ఈ కార్యక్రమంలో పలువురు నాయకులు పాల్గొన్నారు. రాష్ట్రంలో అభివృద్ధి పనులు కొనసాగుతున్నాయి. గతంలో జరిగిన సమావేశంలో తీసుకున్న నిర్ణయాల మేరకు ఈ పనులు వేగంగా సాగుతున్నాయి. అధికారులు ఈ విషయంలో ప్రత్యేక శ్రద్ధ తీసుకోవాలని సూచించారు. ప్రజలకు మెరుగైన సేవలు అందించేందుకు ప్రభుత్వం కట్టుబడి ఉందని తెలిపారు. ఈ కార్యక్రమంలో పలువురు నాయకులు పాల్గొన్నారు. రాష్ట్రంలో అభివృద్ధి పనులు కొనసాగుతున్నాయి. గతంలో జరిగిన సమావేశంలో తీసుకున్న నిర్ణయాల మేరకు ఈ పనులు వేగంగా సాగుతున్నాయి. అధికారులు ఈ విషయంలో ప్రత్యేక శ్రద్ధ తీసుకోవాలని సూచించారు. ప్రజలకు మెరుగైన సేవలు అందించేందుకు ప్రభుత్వం కట్టుబడి ఉందని తెలిపారు. ఈ కార్యక్రమంలో పలువురు నాయకులు పాల్గొన్నారు. రాష్ట్రంలో అభివృద్ధి పనులు కొనసాగుతున్నాయి. గతంలో జరిగిన సమావేశంలో తీసుకున్న నిర్ణయాల మేరకు ఈ పనులు వేగంగా సాగుతున్నాయి. అధికారులు ఈ విషయంలో ప్రత్యేక శ్రద్ధ తీసుకోవాలని సూచించారు. ప్రజలకు మెరుగైన సేవలు అందించేందుకు ప్రభుత్వం కట్టుబడి ఉందని తెలిపారు. ఈ కార్యక్రమంలో పలువురు నాయకులు పాల్గొన్నారు. రాష్ట్రంలో అభివృద్ధి పనులు కొనసాగుతున్నాయి.
